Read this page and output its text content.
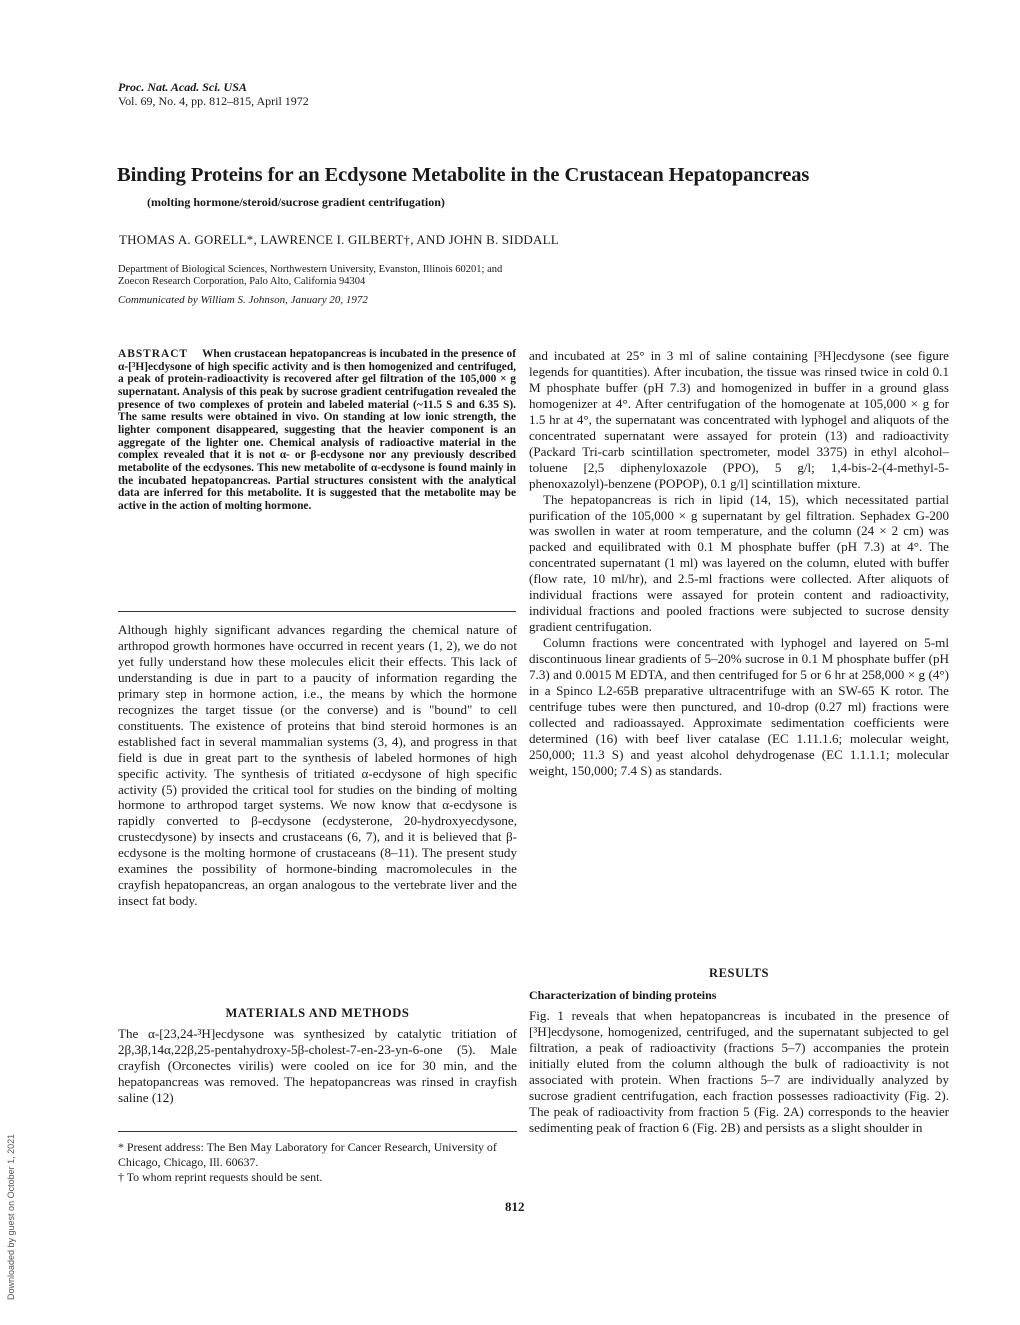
Proc. Nat. Acad. Sci. USA
Vol. 69, No. 4, pp. 812–815, April 1972
Binding Proteins for an Ecdysone Metabolite in the Crustacean Hepatopancreas
(molting hormone/steroid/sucrose gradient centrifugation)
THOMAS A. GORELL*, LAWRENCE I. GILBERT†, AND JOHN B. SIDDALL
Department of Biological Sciences, Northwestern University, Evanston, Illinois 60201; and
Zoecon Research Corporation, Palo Alto, California 94304
Communicated by William S. Johnson, January 20, 1972
ABSTRACT When crustacean hepatopancreas is incubated in the presence of α-[³H]ecdysone of high specific activity and is then homogenized and centrifuged, a peak of protein-radioactivity is recovered after gel filtration of the 105,000 × g supernatant. Analysis of this peak by sucrose gradient centrifugation revealed the presence of two complexes of protein and labeled material (~11.5 S and 6.35 S). The same results were obtained in vivo. On standing at low ionic strength, the lighter component disappeared, suggesting that the heavier component is an aggregate of the lighter one. Chemical analysis of radioactive material in the complex revealed that it is not α- or β-ecdysone nor any previously described metabolite of the ecdysones. This new metabolite of α-ecdysone is found mainly in the incubated hepatopancreas. Partial structures consistent with the analytical data are inferred for this metabolite. It is suggested that the metabolite may be active in the action of molting hormone.

Although highly significant advances regarding the chemical nature of arthropod growth hormones have occurred in recent years (1, 2), we do not yet fully understand how these molecules elicit their effects. This lack of understanding is due in part to a paucity of information regarding the primary step in hormone action, i.e., the means by which the hormone recognizes the target tissue (or the converse) and is "bound" to cell constituents. The existence of proteins that bind steroid hormones is an established fact in several mammalian systems (3, 4), and progress in that field is due in great part to the synthesis of labeled hormones of high specific activity. The synthesis of tritiated α-ecdysone of high specific activity (5) provided the critical tool for studies on the binding of molting hormone to arthropod target systems. We now know that α-ecdysone is rapidly converted to β-ecdysone (ecdysterone, 20-hydroxyecdysone, crustecdysone) by insects and crustaceans (6, 7), and it is believed that β-ecdysone is the molting hormone of crustaceans (8–11). The present study examines the possibility of hormone-binding macromolecules in the crayfish hepatopancreas, an organ analogous to the vertebrate liver and the insect fat body.

MATERIALS AND METHODS

The α-[23,24-³H]ecdysone was synthesized by catalytic tritiation of 2β,3β,14α,22β,25-pentahydroxy-5β-cholest-7-en-23-yn-6-one (5). Male crayfish (Orconectes virilis) were cooled on ice for 30 min, and the hepatopancreas was removed. The hepatopancreas was rinsed in crayfish saline (12)

* Present address: The Ben May Laboratory for Cancer Research, University of Chicago, Chicago, Ill. 60637.

† To whom reprint requests should be sent.

and incubated at 25° in 3 ml of saline containing [³H]ecdysone (see figure legends for quantities). After incubation, the tissue was rinsed twice in cold 0.1 M phosphate buffer (pH 7.3) and homogenized in buffer in a ground glass homogenizer at 4°. After centrifugation of the homogenate at 105,000 × g for 1.5 hr at 4°, the supernatant was concentrated with lyphogel and aliquots of the concentrated supernatant were assayed for protein (13) and radioactivity (Packard Tri-carb scintillation spectrometer, model 3375) in ethyl alcohol–toluene [2,5 diphenyloxazole (PPO), 5 g/l; 1,4-bis-2-(4-methyl-5-phenoxazolyl)-benzene (POPOP), 0.1 g/l] scintillation mixture.

The hepatopancreas is rich in lipid (14, 15), which necessitated partial purification of the 105,000 × g supernatant by gel filtration. Sephadex G-200 was swollen in water at room temperature, and the column (24 × 2 cm) was packed and equilibrated with 0.1 M phosphate buffer (pH 7.3) at 4°. The concentrated supernatant (1 ml) was layered on the column, eluted with buffer (flow rate, 10 ml/hr), and 2.5-ml fractions were collected. After aliquots of individual fractions were assayed for protein content and radioactivity, individual fractions and pooled fractions were subjected to sucrose density gradient centrifugation.

Column fractions were concentrated with lyphogel and layered on 5-ml discontinuous linear gradients of 5–20% sucrose in 0.1 M phosphate buffer (pH 7.3) and 0.0015 M EDTA, and then centrifuged for 5 or 6 hr at 258,000 × g (4°) in a Spinco L2-65B preparative ultracentrifuge with an SW-65 K rotor. The centrifuge tubes were then punctured, and 10-drop (0.27 ml) fractions were collected and radioassayed. Approximate sedimentation coefficients were determined (16) with beef liver catalase (EC 1.11.1.6; molecular weight, 250,000; 11.3 S) and yeast alcohol dehydrogenase (EC 1.1.1.1; molecular weight, 150,000; 7.4 S) as standards.

RESULTS
Characterization of binding proteins

Fig. 1 reveals that when hepatopancreas is incubated in the presence of [³H]ecdysone, homogenized, centrifuged, and the supernatant subjected to gel filtration, a peak of radioactivity (fractions 5–7) accompanies the protein initially eluted from the column although the bulk of radioactivity is not associated with protein. When fractions 5–7 are individually analyzed by sucrose gradient centrifugation, each fraction possesses radioactivity (Fig. 2). The peak of radioactivity from fraction 5 (Fig. 2A) corresponds to the heavier sedimenting peak of fraction 6 (Fig. 2B) and persists as a slight shoulder in

812
Downloaded by guest on October 1, 2021
